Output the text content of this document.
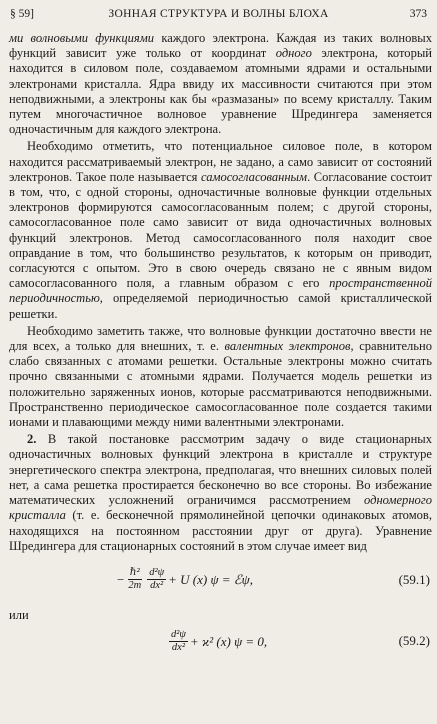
§ 59]	ЗОННАЯ СТРУКТУРА И ВОЛНЫ БЛОХА	373

ми волновыми функциями каждого электрона. Каждая из таких волновых функций зависит уже только от координат одного электрона, который находится в силовом поле, создаваемом атомными ядрами и остальными электронами кристалла. Ядра ввиду их массивности считаются при этом неподвижными, а электроны как бы «размазаны» по всему кристаллу. Таким путем многочастичное волновое уравнение Шредингера заменяется одночастичным для каждого электрона.

Необходимо отметить, что потенциальное силовое поле, в котором находится рассматриваемый электрон, не задано, а само зависит от состояний электронов. Такое поле называется самосогласованным. Согласование состоит в том, что, с одной стороны, одночастичные волновые функции отдельных электронов формируются самосогласованным полем; с другой стороны, самосогласованное поле само зависит от вида одночастичных волновых функций электронов. Метод самосогласованного поля находит свое оправдание в том, что большинство результатов, к которым он приводит, согласуются с опытом. Это в свою очередь связано не с явным видом самосогласованного поля, а главным образом с его пространственной периодичностью, определяемой периодичностью самой кристаллической решетки.

Необходимо заметить также, что волновые функции достаточно ввести не для всех, а только для внешних, т. е. валентных электронов, сравнительно слабо связанных с атомами решетки. Остальные электроны можно считать прочно связанными с атомными ядрами. Получается модель решетки из положительно заряженных ионов, которые рассматриваются неподвижными. Пространственно периодическое самосогласованное поле создается такими ионами и плавающими между ними валентными электронами.

2. В такой постановке рассмотрим задачу о виде стационарных одночастичных волновых функций электрона в кристалле и структуре энергетического спектра электрона, предполагая, что внешних силовых полей нет, а сама решетка простирается бесконечно во все стороны. Во избежание математических усложнений ограничимся рассмотрением одномерного кристалла (т. е. бесконечной прямолинейной цепочки одинаковых атомов, находящихся на постоянном расстоянии друг от друга). Уравнение Шредингера для стационарных состояний в этом случае имеет вид

− $\frac{\text{ℏ²}}{2m} \frac{\text{d²ψ}}{\text{dx²}} + U$ (x) ψ = ℰψ,	(59.1)
или
$\frac{\text{d²ψ}}{\text{dx²}} + ϰ^2$ (x) ψ = 0,	(59.2)
